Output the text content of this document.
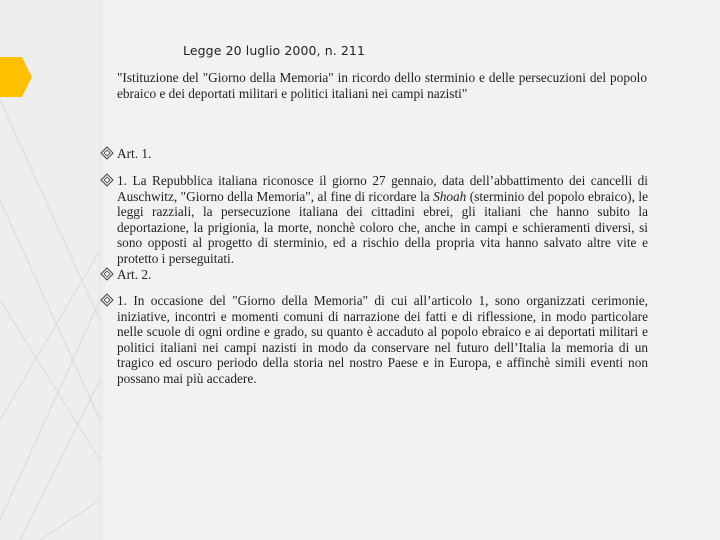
Legge 20 luglio 2000, n. 211
"Istituzione del "Giorno della Memoria" in ricordo dello sterminio e delle persecuzioni del popolo ebraico e dei deportati militari e politici italiani nei campi nazisti"
Art. 1.
1. La Repubblica italiana riconosce il giorno 27 gennaio, data dell’abbattimento dei cancelli di Auschwitz, "Giorno della Memoria", al fine di ricordare la Shoah (sterminio del popolo ebraico), le leggi razziali, la persecuzione italiana dei cittadini ebrei, gli italiani che hanno subito la deportazione, la prigionia, la morte, nonchè coloro che, anche in campi e schieramenti diversi, si sono opposti al progetto di sterminio, ed a rischio della propria vita hanno salvato altre vite e protetto i perseguitati.
Art. 2.
1. In occasione del "Giorno della Memoria" di cui all’articolo 1, sono organizzati cerimonie, iniziative, incontri e momenti comuni di narrazione dei fatti e di riflessione, in modo particolare nelle scuole di ogni ordine e grado, su quanto è accaduto al popolo ebraico e ai deportati militari e politici italiani nei campi nazisti in modo da conservare nel futuro dell’Italia la memoria di un tragico ed oscuro periodo della storia nel nostro Paese e in Europa, e affinchè simili eventi non possano mai più accadere.
